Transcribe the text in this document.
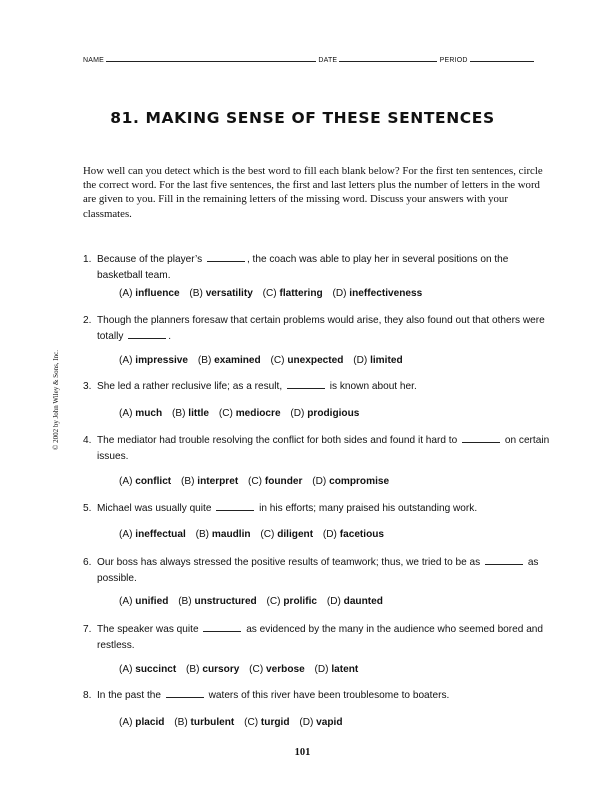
NAME	DATE	PERIOD
81. MAKING SENSE OF THESE SENTENCES
How well can you detect which is the best word to fill each blank below? For the first ten sentences, circle the correct word. For the last five sentences, the first and last letters plus the number of letters in the word are given to you. Fill in the remaining letters of the missing word. Discuss your answers with your classmates.
© 2002 by John Wiley & Sons, Inc.
1. Because of the player’s	, the coach was able to play her in several positions on the basketball team.
(A) influence (B) versatility (C) flattering (D) ineffectiveness
2. Though the planners foresaw that certain problems would arise, they also found out that others were totally	.
(A) impressive (B) examined (C) unexpected (D) limited
3. She led a rather reclusive life; as a result,	is known about her.
(A) much (B) little (C) mediocre (D) prodigious
4. The mediator had trouble resolving the conflict for both sides and found it hard to	on certain issues.
(A) conflict (B) interpret (C) founder (D) compromise
5. Michael was usually quite	in his efforts; many praised his outstanding work.
(A) ineffectual (B) maudlin (C) diligent (D) facetious
6. Our boss has always stressed the positive results of teamwork; thus, we tried to be as	as possible.
(A) unified (B) unstructured (C) prolific (D) daunted
7. The speaker was quite	as evidenced by the many in the audience who seemed bored and restless.
(A) succinct (B) cursory (C) verbose (D) latent
8. In the past the	waters of this river have been troublesome to boaters.
(A) placid (B) turbulent (C) turgid (D) vapid
101
